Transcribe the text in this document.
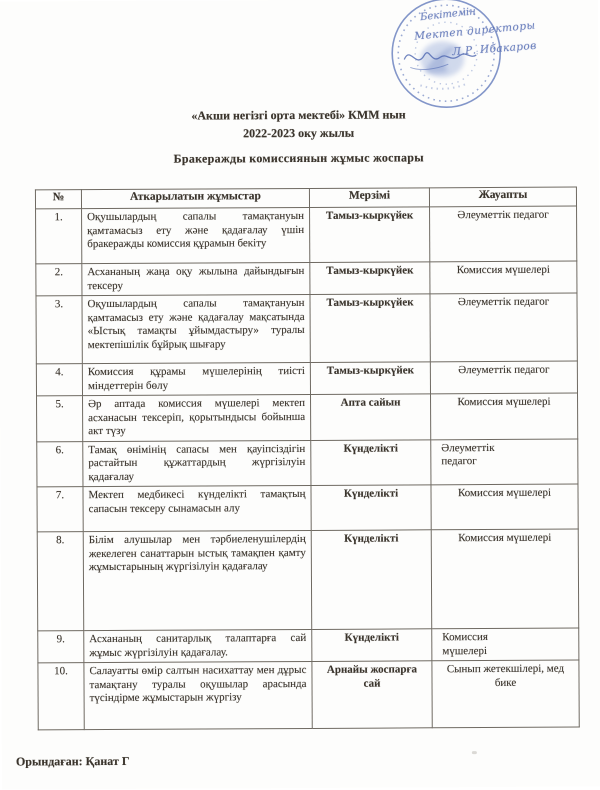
Бекітемін
Мектеп директоры
Л.Р. Ибакаров
«Акши негізгі орта мектебі» КММ нын
2022-2023 оку жылы
Бракеражды комиссиянын жұмыс жоспары
№	Аткарылатын жұмыстар	Мерзімі	Жауапты
1.	Оқушылардың сапалы тамақтануын қамтамасыз ету және қадағалау үшін бракеражды комиссия құрамын бекіту	Тамыз-кыркүйек	Әлеуметтік педагог
2.	Асхананың жаңа оқу жылына дайындығын тексеру	Тамыз-кыркүйек	Комиссия мүшелері
3.	Оқушылардың сапалы тамақтануын қамтамасыз ету және қадағалау мақсатында «Ыстық тамақты ұйымдастыру» туралы мектепішілік бұйрық шығару	Тамыз-кыркүйек	Әлеуметтік педагог
4.	Комиссия құрамы мүшелерінің тиісті міндеттерін бөлу	Тамыз-кыркүйек	Әлеуметтік педагог
5.	Әр аптада комиссия мүшелері мектеп асханасын тексеріп, қорытындысы бойынша акт түзу	Апта сайын	Комиссия мүшелері
6.	Тамақ өнімінің сапасы мен қауіпсіздігін растайтын құжаттардың жүргізілуін қадағалау	Күнделікті	Әлеуметтік
педагог
7.	Мектеп медбикесі күнделікті тамақтың сапасын тексеру сынамасын алу	Күнделікті	Комиссия мүшелері
8.	Білім алушылар мен тәрбиеленушілердің жекелеген санаттарын ыстық тамақпен қамту жұмыстарының жүргізілуін қадағалау	Күнделікті	Комиссия мүшелері
9.	Асхананың санитарлық талаптарға сай жұмыс жүргізілуін қадағалау.	Күнделікті	Комиссия
мүшелері
10.	Салауатты өмір салтын насихаттау мен дұрыс тамақтану туралы оқушылар арасында түсіндірме жұмыстарын жүргізу	Арнайы жоспарға сай	Сынып жетекшілері, мед бике
Орындаған: Қанат Г
